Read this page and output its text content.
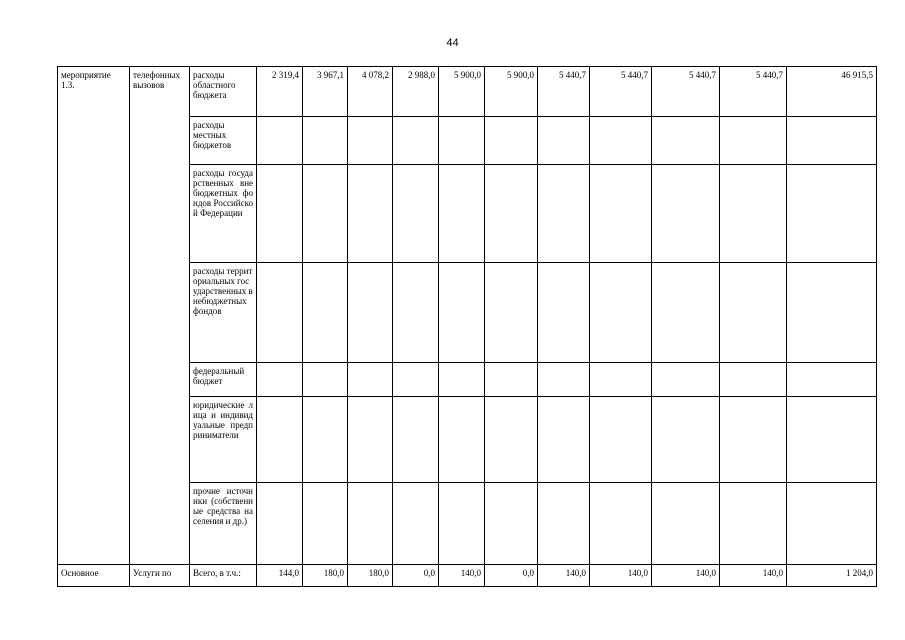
44
мероприятие 1.3.	телефонных вызовов	расходы областного бюджета	2 319,4	3 967,1	4 078,2	2 988,0	5 900,0	5 900,0	5 440,7	5 440,7	5 440,7	5 440,7	46 915,5
		расходы местных бюджетов											
		расходы государственных внебюджетных фондов Российской Федерации											
		расходы территориальных государственных внебюджетных фондов											
		федеральный бюджет											
		юридические лица и индивидуальные предприниматели											
		прочие источники (собственные средства населения и др.)											
Основное	Услуги по	Всего, в т.ч.:	144,0	180,0	180,0	0,0	140,0	0,0	140,0	140,0	140,0	140,0	1 204,0
